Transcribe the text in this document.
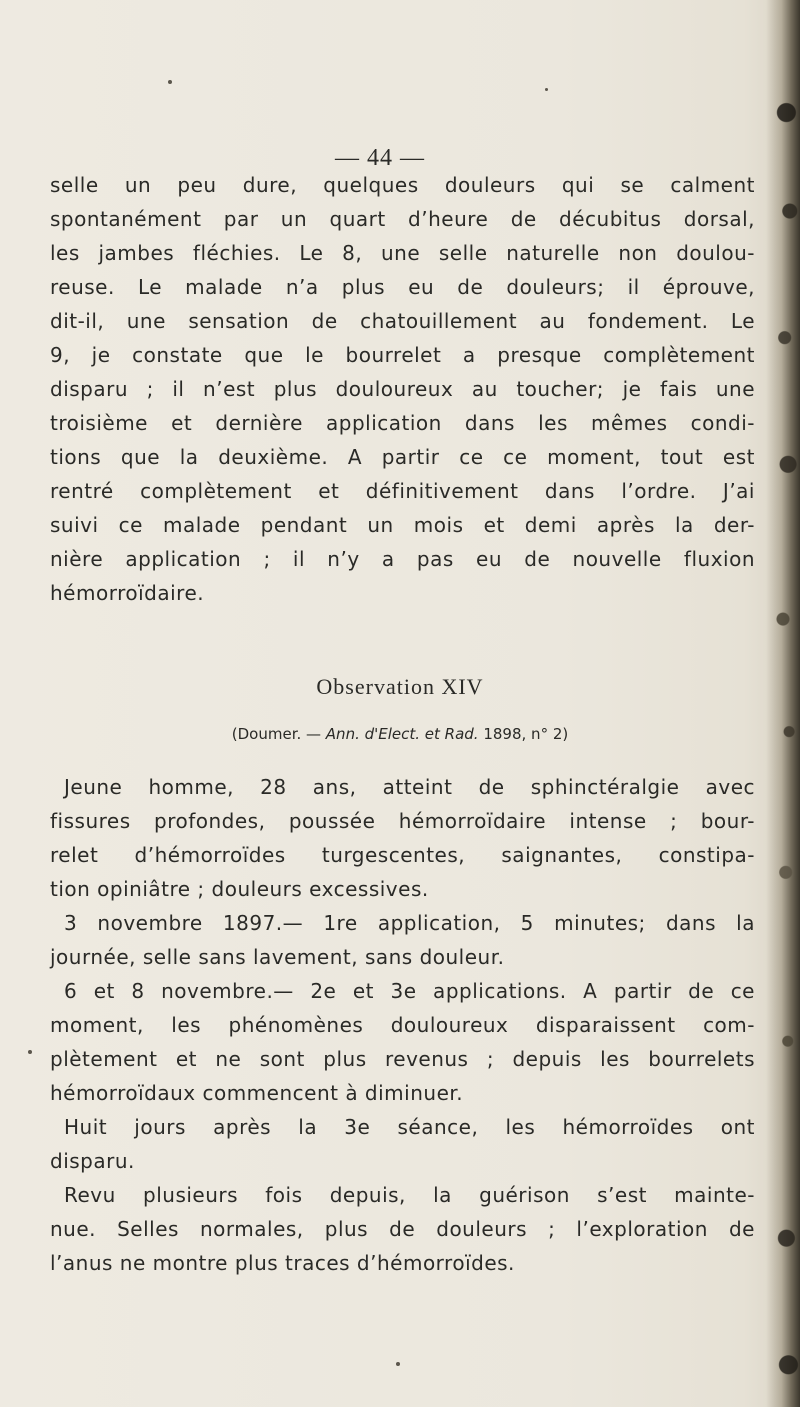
— 44 —
selle un peu dure, quelques douleurs qui se calment
spontanément par un quart d’heure de décubitus dorsal,
les jambes fléchies. Le 8, une selle naturelle non doulou-
reuse. Le malade n’a plus eu de douleurs; il éprouve,
dit-il, une sensation de chatouillement au fondement. Le
9, je constate que le bourrelet a presque complètement
disparu ; il n’est plus douloureux au toucher; je fais une
troisième et dernière application dans les mêmes condi-
tions que la deuxième. A partir ce ce moment, tout est
rentré complètement et définitivement dans l’ordre. J’ai
suivi ce malade pendant un mois et demi après la der-
nière application ; il n’y a pas eu de nouvelle fluxion
hémorroïdaire.
Observation XIV
(Doumer. — Ann. d'Elect. et Rad. 1898, n° 2)
Jeune homme, 28 ans, atteint de sphinctéralgie avec
fissures profondes, poussée hémorroïdaire intense ; bour-
relet d’hémorroïdes turgescentes, saignantes, constipa-
tion opiniâtre ; douleurs excessives.
3 novembre 1897.— 1re application, 5 minutes; dans la
journée, selle sans lavement, sans douleur.
6 et 8 novembre.— 2e et 3e applications. A partir de ce
moment, les phénomènes douloureux disparaissent com-
plètement et ne sont plus revenus ; depuis les bourrelets
hémorroïdaux commencent à diminuer.
Huit jours après la 3e séance, les hémorroïdes ont
disparu.
Revu plusieurs fois depuis, la guérison s’est mainte-
nue. Selles normales, plus de douleurs ; l’exploration de
l’anus ne montre plus traces d’hémorroïdes.
